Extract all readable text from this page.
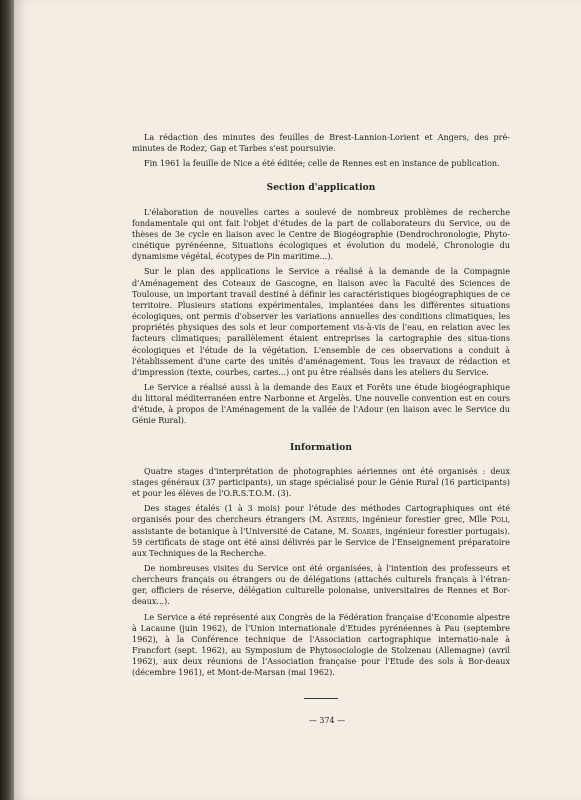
La rédaction des minutes des feuilles de Brest-Lannion-Lorient et Angers, des pré-minutes de Rodez, Gap et Tarbes s'est poursuivie.

Fin 1961 la feuille de Nice a été éditée; celle de Rennes est en instance de publication.

Section d'application

L'élaboration de nouvelles cartes a soulevé de nombreux problèmes de recherche fondamentale qui ont fait l'objet d'études de la part de collaborateurs du Service, ou de thèses de 3e cycle en liaison avec le Centre de Biogéographie (Dendrochronologie, Phyto-cinétique pyrénéenne, Situations écologiques et évolution du modelé, Chronologie du dynamisme végétal, écotypes de Pin maritime...).

Sur le plan des applications le Service a réalisé à la demande de la Compagnie d'Aménagement des Coteaux de Gascogne, en liaison avec la Faculté des Sciences de Toulouse, un important travail destiné à définir les caractéristiques biogéographiques de ce territoire. Plusieurs stations expérimentales, implantées dans les différentes situations écologiques, ont permis d'observer les variations annuelles des conditions climatiques, les propriétés physiques des sols et leur comportement vis-à-vis de l'eau, en relation avec les facteurs climatiques; parallèlement étaient entreprises la cartographie des situa-tions écologiques et l'étude de la végétation. L'ensemble de ces observations a conduit à l'établissement d'une carte des unités d'aménagement. Tous les travaux de rédaction et d'impression (texte, courbes, cartes...) ont pu être réalisés dans les ateliers du Service.

Le Service a réalisé aussi à la demande des Eaux et Forêts une étude biogéographique du littoral méditerranéen entre Narbonne et Argelès. Une nouvelle convention est en cours d'étude, à propos de l'Aménagement de la vallée de l'Adour (en liaison avec le Service du Génie Rural).

Information

Quatre stages d'interprétation de photographies aériennes ont été organisés : deux stages généraux (37 participants), un stage spécialisé pour le Génie Rural (16 participants) et pour les élèves de l'O.R.S.T.O.M. (3).

Des stages étalés (1 à 3 mois) pour l'étude des méthodes Cartographiques ont été organisés pour des chercheurs étrangers (M. Astéris, ingénieur forestier grec, Mlle Poli, assistante de botanique à l'Université de Catane, M. Soares, ingénieur forestier portugais). 59 certificats de stage ont été ainsi délivrés par le Service de l'Enseignement préparatoire aux Techniques de la Recherche.

De nombreuses visites du Service ont été organisées, à l'intention des professeurs et chercheurs français ou étrangers ou de délégations (attachés culturels français à l'étran-ger, officiers de réserve, délégation culturelle polonaise, universitaires de Rennes et Bor-deaux...).

Le Service a été représenté aux Congrès de la Fédération française d'Economie alpestre à Lacaune (juin 1962), de l'Union internationale d'Etudes pyrénéennes à Pau (septembre 1962), à la Conférence technique de l'Association cartographique internatio-nale à Francfort (sept. 1962), au Symposium de Phytosociologie de Stolzenau (Allemagne) (avril 1962), aux deux réunions de l'Association française pour l'Etude des sols à Bor-deaux (décembre 1961), et Mont-de-Marsan (mai 1962).

— 374 —
